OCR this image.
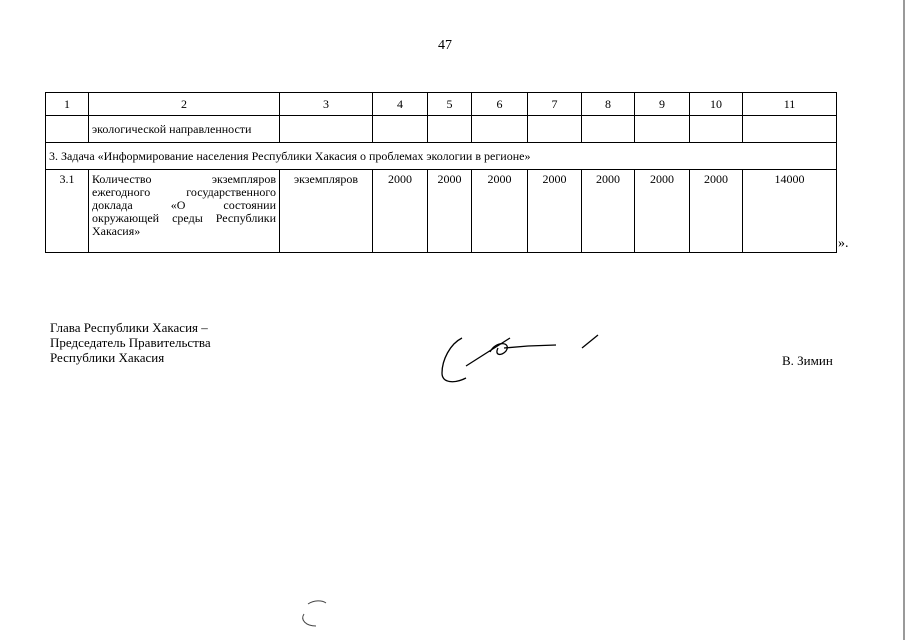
47
1	2	3	4	5	6	7	8	9	10	11
	экологической направленности									
3. Задача «Информирование населения Республики Хакасия о проблемах экологии в регионе»										
3.1	Количество экземпляров ежегодного государственного доклада «О состоянии окружающей среды Республики Хакасия»	экземпляров	2000	2000	2000	2000	2000	2000	2000	14000
».
Глава Республики Хакасия –
Председатель Правительства
Республики Хакасия	В. Зимин
